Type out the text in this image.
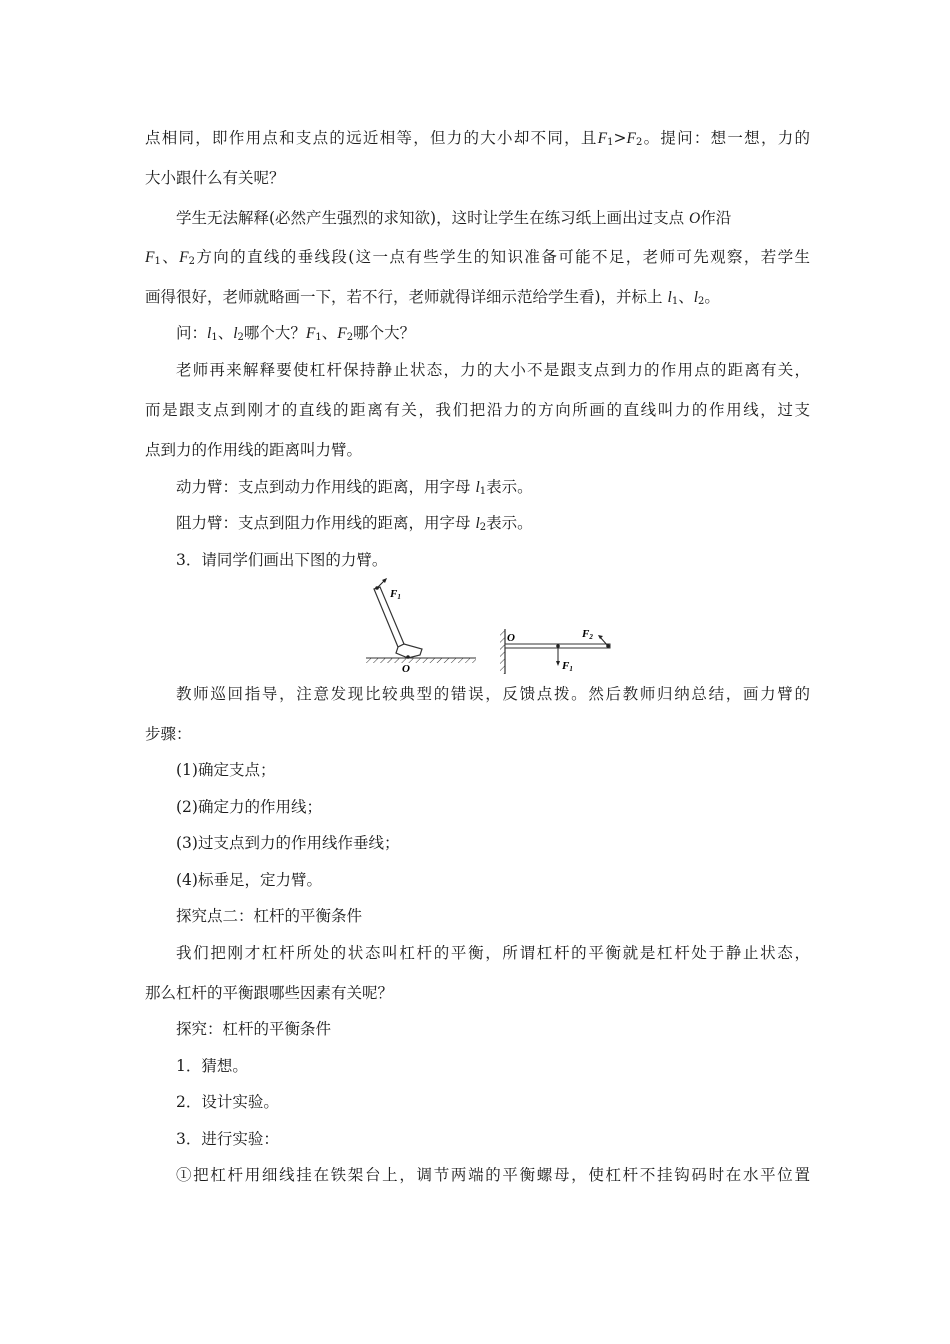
点相同，即作用点和支点的远近相等，但力的大小却不同，且$F_1>F_2$。提问：想一想，力的
大小跟什么有关呢？
学生无法解释(必然产生强烈的求知欲)，这时让学生在练习纸上画出过支点 O作沿
$F_1$、$F_2$方向的直线的垂线段(这一点有些学生的知识准备可能不足，老师可先观察，若学生
画得很好，老师就略画一下，若不行，老师就得详细示范给学生看)，并标上 $l_1$、$l_2$。
问：$l_1$、$l_2$哪个大？$F_1$、$F_2$哪个大？
老师再来解释要使杠杆保持静止状态，力的大小不是跟支点到力的作用点的距离有关，
而是跟支点到刚才的直线的距离有关，我们把沿力的方向所画的直线叫力的作用线，过支
点到力的作用线的距离叫力臂。
动力臂：支点到动力作用线的距离，用字母 $l_1$表示。
阻力臂：支点到阻力作用线的距离，用字母 $l_2$表示。
3．请同学们画出下图的力臂。
F1
O
O	F2
F1
教师巡回指导，注意发现比较典型的错误，反馈点拨。然后教师归纳总结，画力臂的
步骤：
(1)确定支点；
(2)确定力的作用线；
(3)过支点到力的作用线作垂线；
(4)标垂足，定力臂。
探究点二：杠杆的平衡条件
我们把刚才杠杆所处的状态叫杠杆的平衡，所谓杠杆的平衡就是杠杆处于静止状态，
那么杠杆的平衡跟哪些因素有关呢？
探究：杠杆的平衡条件
1．猜想。
2．设计实验。
3．进行实验：
①把杠杆用细线挂在铁架台上，调节两端的平衡螺母，使杠杆不挂钩码时在水平位置
